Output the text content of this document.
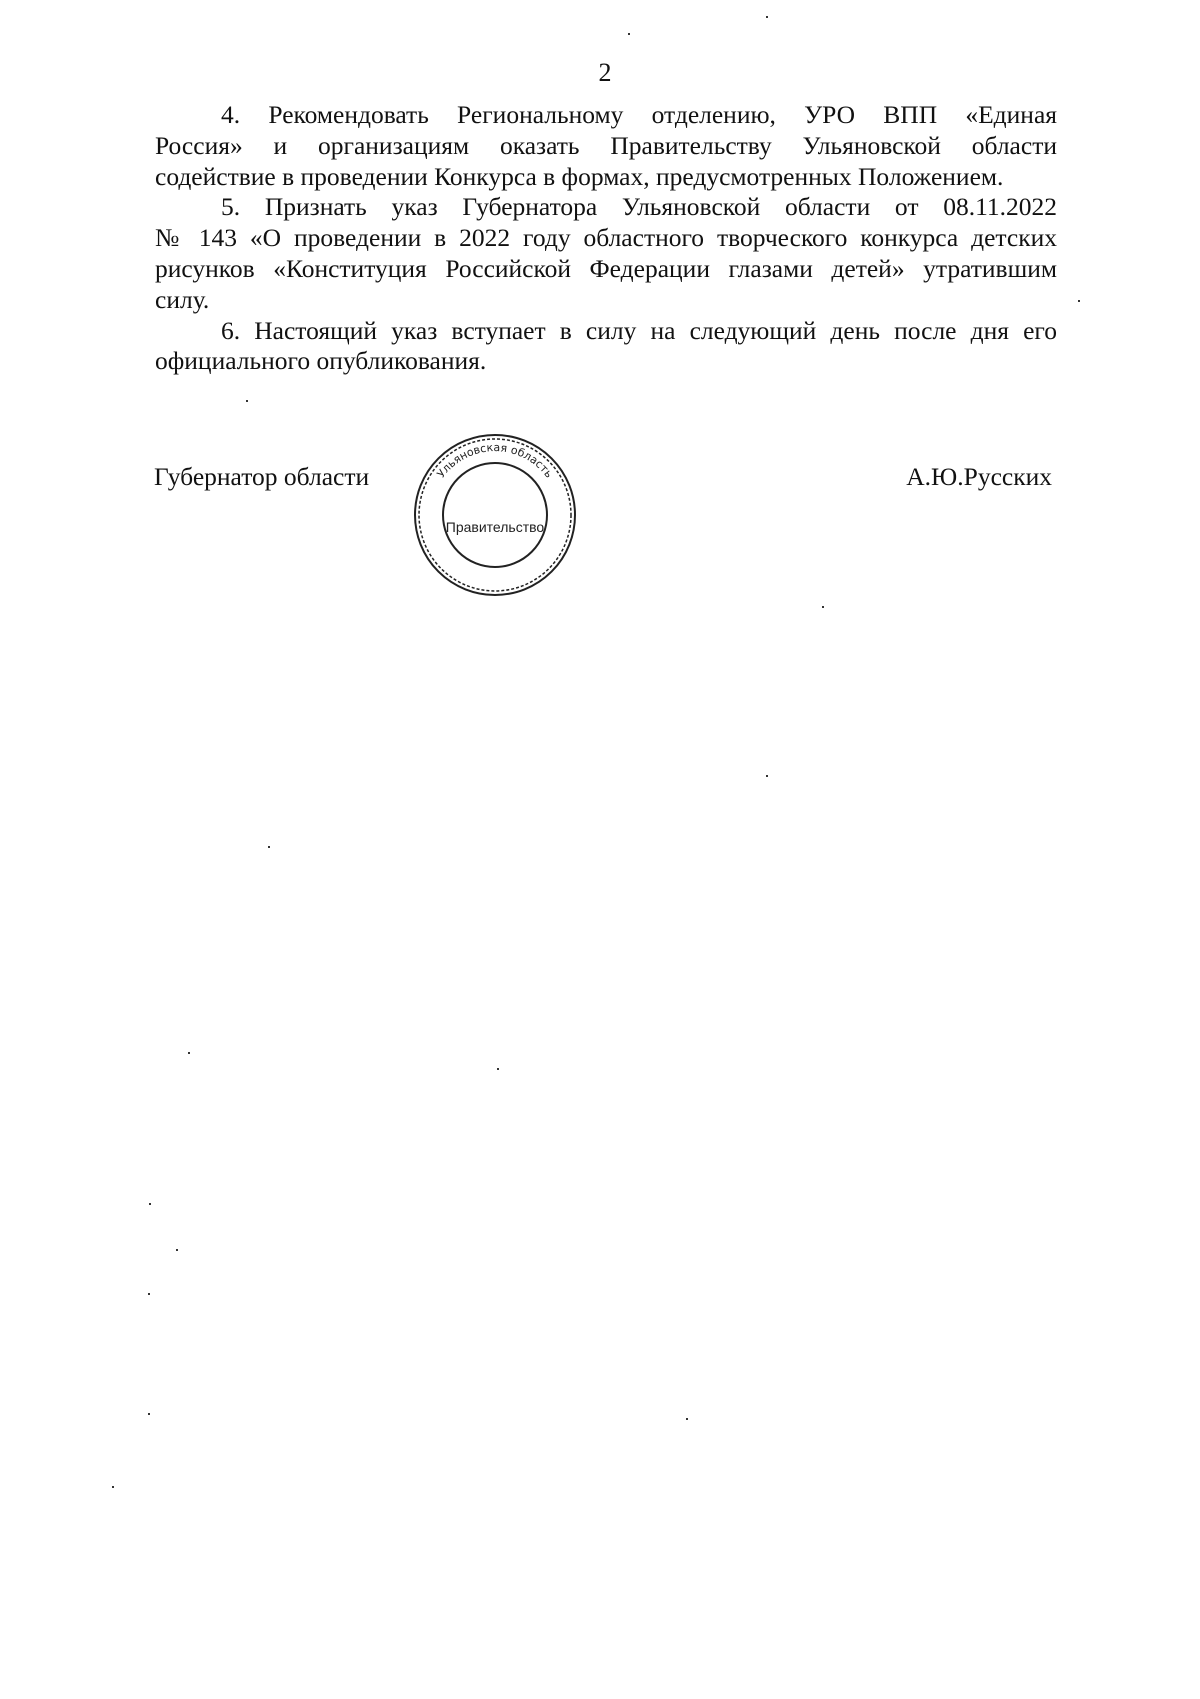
2
4. Рекомендовать Региональному отделению, УРО ВПП «Единая
Россия» и организациям оказать Правительству Ульяновской области
содействие в проведении Конкурса в формах, предусмотренных Положением.
5. Признать указ Губернатора Ульяновской области от 08.11.2022
№ 143 «О проведении в 2022 году областного творческого конкурса детских
рисунков «Конституция Российской Федерации глазами детей» утратившим
силу.
6. Настоящий указ вступает в силу на следующий день после дня его
официального опубликования.
Губернатор области	А.Ю.Русских
Ульяновская область
Правительство
